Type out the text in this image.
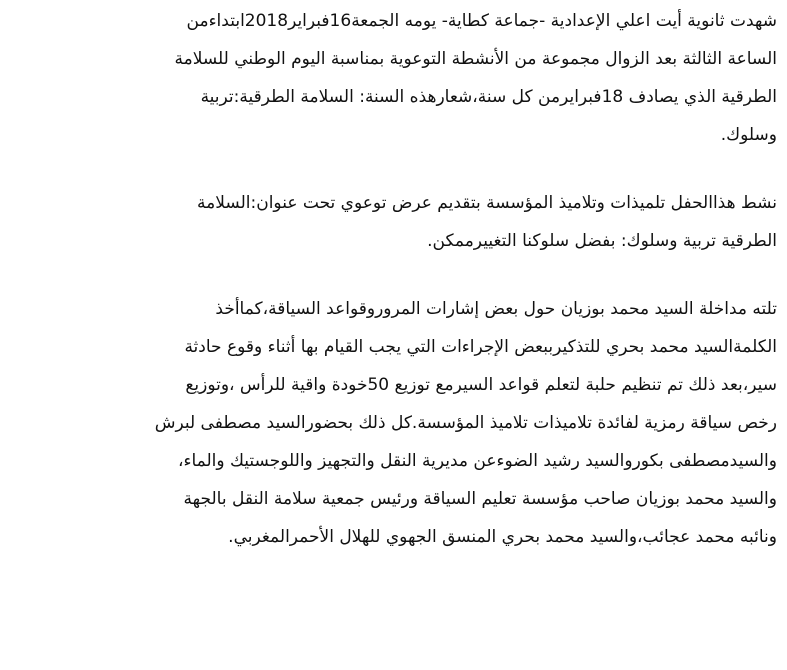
شهدت ثانوية أيت اعلي الإعدادية -جماعة كطاية- يومه الجمعة16فبراير2018ابتداءمن
الساعة الثالثة بعد الزوال مجموعة من الأنشطة التوعوية بمناسبة اليوم الوطني للسلامة
الطرقية الذي يصادف 18فبرايرمن كل سنة،شعارهذه السنة: السلامة الطرقية:تربية
وسلوك.
نشط هذاالحفل تلميذات وتلاميذ المؤسسة بتقديم عرض توعوي تحت عنوان:السلامة
الطرقية تربية وسلوك: بفضل سلوكنا التغييرممكن.
تلته مداخلة السيد محمد بوزيان حول بعض إشارات المروروقواعد السياقة،كماأخذ
الكلمةالسيد محمد بحري للتذكيرببعض الإجراءات التي يجب القيام بها أثناء وقوع حادثة
سير،بعد ذلك تم تنظيم حلبة لتعلم قواعد السيرمع توزيع 50خودة واقية للرأس ،وتوزيع
رخص سياقة رمزية لفائدة تلاميذات تلاميذ المؤسسة.كل ذلك بحضورالسيد مصطفى لبرش
والسيدمصطفى بكوروالسيد رشيد الضوءعن مديرية النقل والتجهيز واللوجستيك والماء،
والسيد محمد بوزيان صاحب مؤسسة تعليم السياقة ورئيس جمعية سلامة النقل بالجهة
ونائبه محمد عجائب،والسيد محمد بحري المنسق الجهوي للهلال الأحمرالمغربي.
